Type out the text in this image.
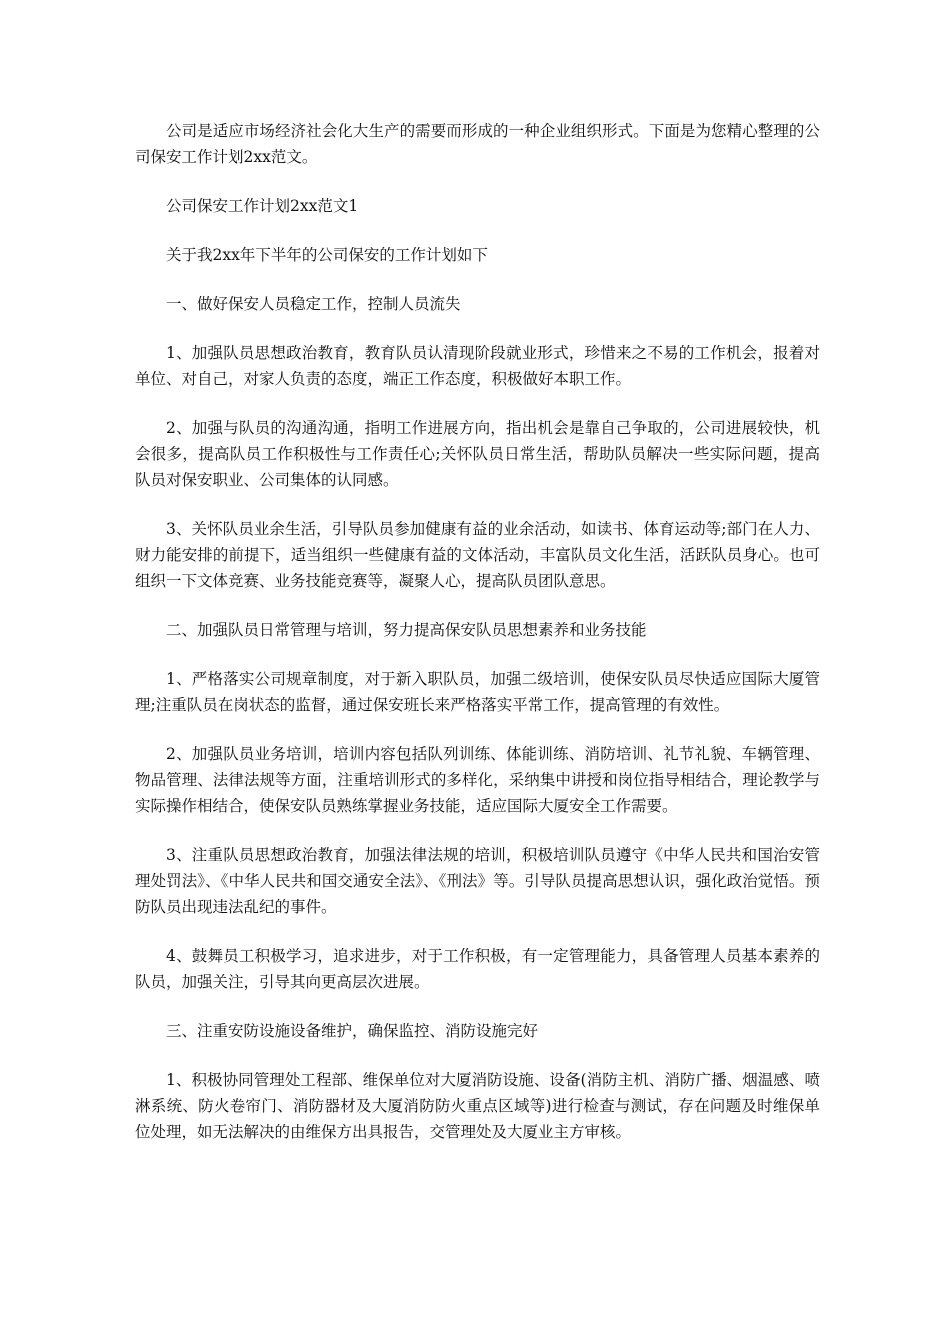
公司是适应市场经济社会化大生产的需要而形成的一种企业组织形式。下面是为您精心整理的公司保安工作计划2xx范文。

公司保安工作计划2xx范文1

关于我2xx年下半年的公司保安的工作计划如下

一、做好保安人员稳定工作，控制人员流失

1、加强队员思想政治教育，教育队员认清现阶段就业形式，珍惜来之不易的工作机会，报着对单位、对自己，对家人负责的态度，端正工作态度，积极做好本职工作。

2、加强与队员的沟通沟通，指明工作进展方向，指出机会是靠自己争取的，公司进展较快，机会很多，提高队员工作积极性与工作责任心;关怀队员日常生活，帮助队员解决一些实际问题，提高队员对保安职业、公司集体的认同感。

3、关怀队员业余生活，引导队员参加健康有益的业余活动，如读书、体育运动等;部门在人力、财力能安排的前提下，适当组织一些健康有益的文体活动，丰富队员文化生活，活跃队员身心。也可组织一下文体竞赛、业务技能竞赛等，凝聚人心，提高队员团队意思。

二、加强队员日常管理与培训，努力提高保安队员思想素养和业务技能

1、严格落实公司规章制度，对于新入职队员，加强二级培训，使保安队员尽快适应国际大厦管理;注重队员在岗状态的监督，通过保安班长来严格落实平常工作，提高管理的有效性。

2、加强队员业务培训，培训内容包括队列训练、体能训练、消防培训、礼节礼貌、车辆管理、物品管理、法律法规等方面，注重培训形式的多样化，采纳集中讲授和岗位指导相结合，理论教学与实际操作相结合，使保安队员熟练掌握业务技能，适应国际大厦安全工作需要。

3、注重队员思想政治教育，加强法律法规的培训，积极培训队员遵守《中华人民共和国治安管理处罚法》、《中华人民共和国交通安全法》、《刑法》等。引导队员提高思想认识，强化政治觉悟。预防队员出现违法乱纪的事件。

4、鼓舞员工积极学习，追求进步，对于工作积极，有一定管理能力，具备管理人员基本素养的队员，加强关注，引导其向更高层次进展。

三、注重安防设施设备维护，确保监控、消防设施完好

1、积极协同管理处工程部、维保单位对大厦消防设施、设备(消防主机、消防广播、烟温感、喷淋系统、防火卷帘门、消防器材及大厦消防防火重点区域等)进行检查与测试，存在问题及时维保单位处理，如无法解决的由维保方出具报告，交管理处及大厦业主方审核。
